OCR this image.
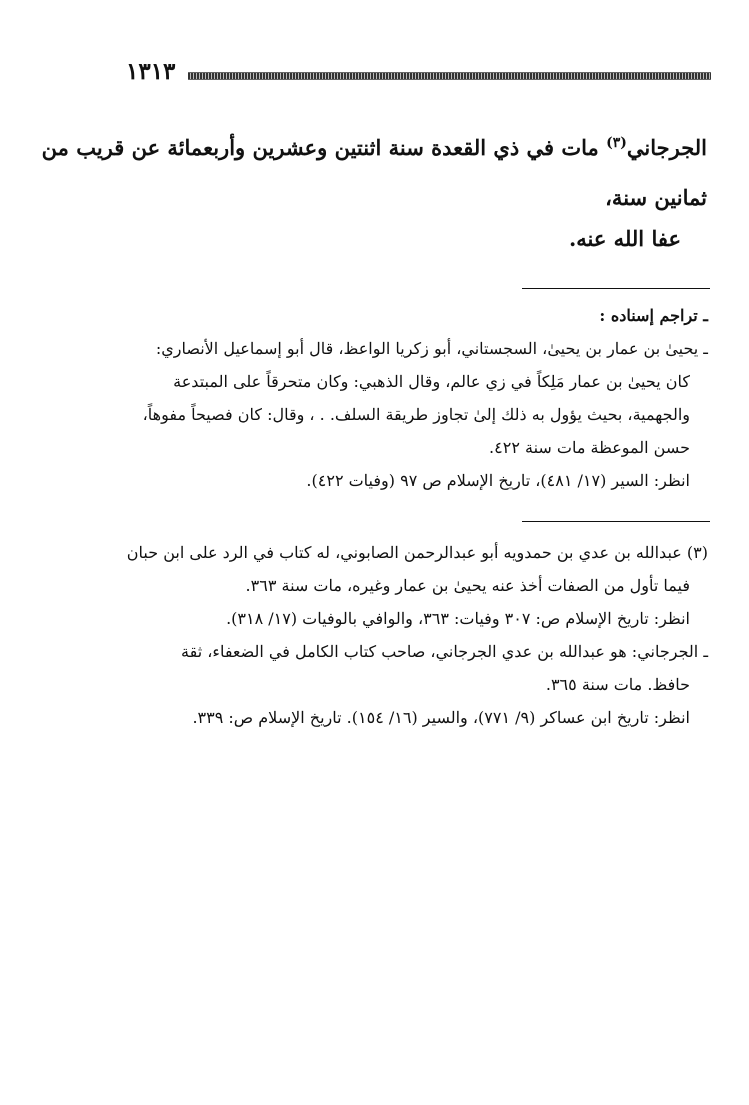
١٣١٣
الجرجاني$^{(٣)}$ مات في ذي القعدة سنة اثنتين وعشرين وأربعمائة عن قريب من
ثمانين سنة،
عفا الله عنه.
ـ تراجم إسناده :
ـ يحيىٰ بن عمار بن يحيىٰ، السجستاني، أبو زكريا الواعظ، قال أبو إسماعيل الأنصاري:
كان يحيىٰ بن عمار مَلِكاً في زي عالم، وقال الذهبي: وكان متحرقاً على المبتدعة
والجهمية، بحيث يؤول به ذلك إلىٰ تجاوز طريقة السلف. . ، وقال: كان فصيحاً مفوهاً،
حسن الموعظة مات سنة ٤٢٢.
انظر: السير (١٧/ ٤٨١)، تاريخ الإسلام ص ٩٧ (وفيات ٤٢٢).
(٣) عبدالله بن عدي بن حمدويه أبو عبدالرحمن الصابوني، له كتاب في الرد على ابن حبان
فيما تأول من الصفات أخذ عنه يحيىٰ بن عمار وغيره، مات سنة ٣٦٣.
انظر: تاريخ الإسلام ص: ٣٠٧ وفيات: ٣٦٣، والوافي بالوفيات (١٧/ ٣١٨).
ـ الجرجاني: هو عبدالله بن عدي الجرجاني، صاحب كتاب الكامل في الضعفاء، ثقة
حافظ. مات سنة ٣٦٥.
انظر: تاريخ ابن عساكر (٩/ ٧٧١)، والسير (١٦/ ١٥٤). تاريخ الإسلام ص: ٣٣٩.
